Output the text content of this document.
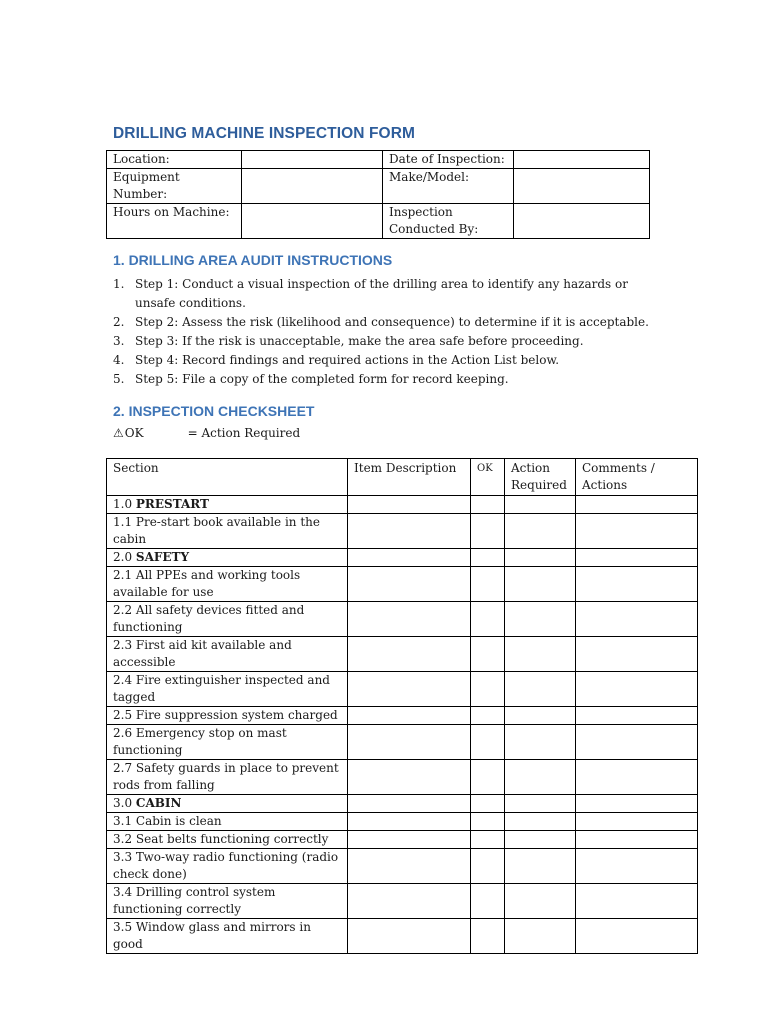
DRILLING MACHINE INSPECTION FORM
Location:		Date of Inspection:	
Equipment Number:		Make/Model:	
Hours on Machine:		Inspection Conducted By:	
1. DRILLING AREA AUDIT INSTRUCTIONS
1. Step 1: Conduct a visual inspection of the drilling area to identify any hazards or unsafe conditions.
2. Step 2: Assess the risk (likelihood and consequence) to determine if it is acceptable.
3. Step 3: If the risk is unacceptable, make the area safe before proceeding.
4. Step 4: Record findings and required actions in the Action List below.
5. Step 5: File a copy of the completed form for record keeping.
2. INSPECTION CHECKSHEET
⚠ OK	= Action Required
Section	Item Description	OK	Action Required	Comments / Actions
1.0 PRESTART				
1.1 Pre-start book available in the cabin				
2.0 SAFETY				
2.1 All PPEs and working tools available for use				
2.2 All safety devices fitted and functioning				
2.3 First aid kit available and accessible				
2.4 Fire extinguisher inspected and tagged				
2.5 Fire suppression system charged				
2.6 Emergency stop on mast functioning				
2.7 Safety guards in place to prevent rods from falling				
3.0 CABIN				
3.1 Cabin is clean				
3.2 Seat belts functioning correctly				
3.3 Two-way radio functioning (radio check done)				
3.4 Drilling control system functioning correctly				
3.5 Window glass and mirrors in good				
